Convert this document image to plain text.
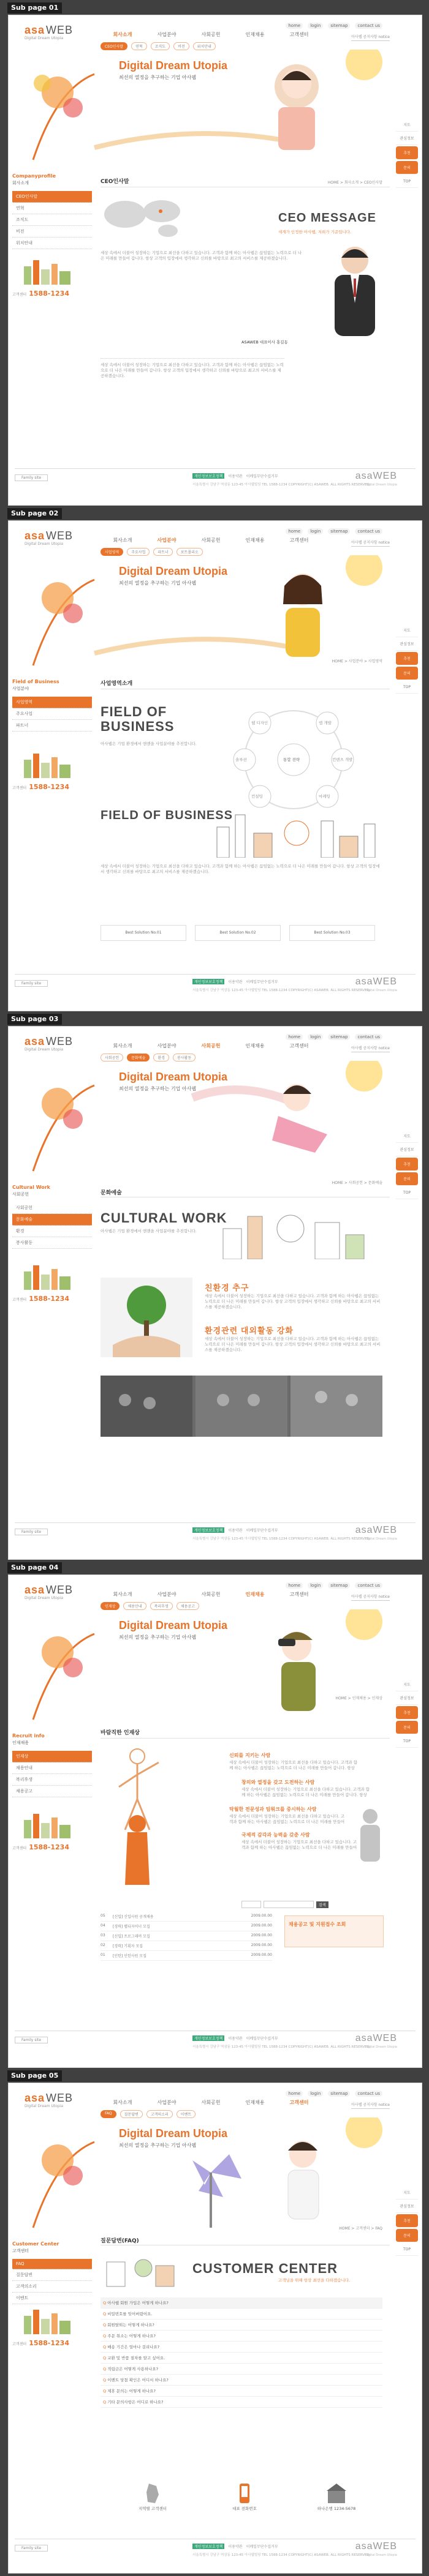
Sub page 01
Sub page 02
Sub page 03
Sub page 04
Sub page 05
asa WEB
Digital Dream Utopia
home	login	sitemap	contact us
아사웹 공지사항 notice
회사소개	사업분야	사회공헌	인재채용	고객센터
CEO인사말	연혁	조직도	비전	위치안내
Digital Dream Utopia
최선의 열정을 추구하는 기업 아사웹
Companyprofile
회사소개
CEO인사말
연혁
조직도
비전
위치안내
고객센터 1588-1234
지도
관심정보
추천
문의
TOP
CEO인사말	HOME > 회사소개 > CEO인사말
CEO MESSAGE
세계가 인정한 아사웹, 저희가 기준입니다.
세상 속에서 더불어 성장하는 기업으로 최선을 다하고 있습니다. 고객과 함께 하는 아사웹은 끊임없는 노력으로 더 나은 미래를 만들어 갑니다. 항상 고객의 입장에서 생각하고 신뢰를 바탕으로 최고의 서비스를 제공하겠습니다.
ASAWEB 대표이사 홍길동
세상 속에서 더불어 성장하는 기업으로 최선을 다하고 있습니다. 고객과 함께 하는 아사웹은 끊임없는 노력으로 더 나은 미래를 만들어 갑니다. 항상 고객의 입장에서 생각하고 신뢰를 바탕으로 최고의 서비스를 제공하겠습니다.
Family site	개인정보보호정책	이용약관 이메일무단수집거부
서울특별시 강남구 역삼동 123-45 아사웹빌딩 TEL 1588-1234 COPYRIGHT(C) ASAWEB. ALL RIGHTS RESERVED.
asaWEB
Digital Dream Utopia
asa WEB
Digital Dream Utopia
home	login	sitemap	contact us
아사웹 공지사항 notice
회사소개	사업분야	사회공헌	인재채용	고객센터
사업영역	주요사업	파트너	포트폴리오
Digital Dream Utopia
최선의 열정을 추구하는 기업 아사웹
Field of Business
사업분야
사업영역
주요사업
파트너
고객센터 1588-1234
지도
관심정보
추천
문의
TOP
사업영역소개
HOME > 사업분야 > 사업영역
FIELD OF BUSINESS
아사웹은 기업 환경에서 앤젠을 사업분야를 추진합니다.
통합 전략
웹 디자인	앱 개발
컨텐츠 개발
마케팅
컨설팅
솔루션
FIELD OF BUSINESS
세상 속에서 더불어 성장하는 기업으로 최선을 다하고 있습니다. 고객과 함께 하는 아사웹은 끊임없는 노력으로 더 나은 미래를 만들어 갑니다. 항상 고객의 입장에서 생각하고 신뢰를 바탕으로 최고의 서비스를 제공하겠습니다.
Best Solution No.01	Best Solution No.02	Best Solution No.03
Family site	개인정보보호정책	이용약관 이메일무단수집거부
서울특별시 강남구 역삼동 123-45 아사웹빌딩 TEL 1588-1234 COPYRIGHT(C) ASAWEB. ALL RIGHTS RESERVED.
asaWEB
Digital Dream Utopia
asa WEB
Digital Dream Utopia
home	login	sitemap	contact us
아사웹 공지사항 notice
회사소개	사업분야	사회공헌	인재채용	고객센터
사회공헌	문화예술	환경	봉사활동
Digital Dream Utopia
최선의 열정을 추구하는 기업 아사웹
Cultural Work
사회공헌
사회공헌
문화예술
환경
봉사활동
고객센터 1588-1234
지도
관심정보
추천
문의
TOP
문화예술
HOME > 사회공헌 > 문화예술
CULTURAL WORK
아사웹은 기업 환경에서 앤젠을 사업분야를 추진합니다.
친환경 추구
세상 속에서 더불어 성장하는 기업으로 최선을 다하고 있습니다. 고객과 함께 하는 아사웹은 끊임없는 노력으로 더 나은 미래를 만들어 갑니다. 항상 고객의 입장에서 생각하고 신뢰를 바탕으로 최고의 서비스를 제공하겠습니다.
환경관련 대외활동 강화
세상 속에서 더불어 성장하는 기업으로 최선을 다하고 있습니다. 고객과 함께 하는 아사웹은 끊임없는 노력으로 더 나은 미래를 만들어 갑니다. 항상 고객의 입장에서 생각하고 신뢰를 바탕으로 최고의 서비스를 제공하겠습니다.
Family site	개인정보보호정책	이용약관 이메일무단수집거부
서울특별시 강남구 역삼동 123-45 아사웹빌딩 TEL 1588-1234 COPYRIGHT(C) ASAWEB. ALL RIGHTS RESERVED.
asaWEB
Digital Dream Utopia
asa WEB
Digital Dream Utopia
home	login	sitemap	contact us
아사웹 공지사항 notice
회사소개	사업분야	사회공헌	인재채용	고객센터
인재상	채용안내	복리후생	채용공고
Digital Dream Utopia
최선의 열정을 추구하는 기업 아사웹
Recruit info
인재채용
인재상
채용안내
복리후생
채용공고
고객센터 1588-1234
지도
관심정보
추천
문의
TOP
바람직한 인재상
HOME > 인재채용 > 인재상
신뢰를 지키는 사람
세상 속에서 더불어 성장하는 기업으로 최선을 다하고 있습니다. 고객과 함께 하는 아사웹은 끊임없는 노력으로 더 나은 미래를 만들어 갑니다. 항상
창의와 열정을 갖고 도전하는 사람
세상 속에서 더불어 성장하는 기업으로 최선을 다하고 있습니다. 고객과 함께 하는 아사웹은 끊임없는 노력으로 더 나은 미래를 만들어 갑니다. 항상
탁월한 전문성과 팀워크를 중시하는 사람
세상 속에서 더불어 성장하는 기업으로 최선을 다하고 있습니다. 고객과 함께 하는 아사웹은 끊임없는 노력으로 더 나은 미래를 만들어
국제적 감각과 능력을 갖춘 사람
세상 속에서 더불어 성장하는 기업으로 최선을 다하고 있습니다. 고객과 함께 하는 아사웹은 끊임없는 노력으로 더 나은 미래를 만들어
검색
05	[신입] 신입사원 공개채용	2009.00.00
04	[경력] 웹디자이너 모집	2009.00.00
03	[신입] 프로그래머 모집	2009.00.00
02	[경력] 기획자 모집	2009.00.00
01	[인턴] 인턴사원 모집	2009.00.00
채용공고 및 지원접수 조회
Family site	개인정보보호정책	이용약관 이메일무단수집거부
서울특별시 강남구 역삼동 123-45 아사웹빌딩 TEL 1588-1234 COPYRIGHT(C) ASAWEB. ALL RIGHTS RESERVED.
asaWEB
Digital Dream Utopia
asa WEB
Digital Dream Utopia
home	login	sitemap	contact us
아사웹 공지사항 notice
회사소개	사업분야	사회공헌	인재채용	고객센터
FAQ	질문답변	고객의소리	이벤트
Digital Dream Utopia
최선의 열정을 추구하는 기업 아사웹
Customer Center
고객센터
FAQ
질문답변
고객의소리
이벤트
고객센터 1588-1234
지도
관심정보
추천
문의
TOP
질문답변(FAQ)
HOME > 고객센터 > FAQ
CUSTOMER CENTER
고객님을 위해 항상 최선을 다하겠습니다.
Q 아사웹 회원 가입은 어떻게 하나요?
Q 비밀번호를 잊어버렸어요.
Q 회원탈퇴는 어떻게 하나요?
Q 주문 취소는 어떻게 하나요?
Q 배송 기간은 얼마나 걸리나요?
Q 교환 및 반품 절차를 알고 싶어요.
Q 적립금은 어떻게 사용하나요?
Q 이벤트 당첨 확인은 어디서 하나요?
Q 제휴 문의는 어떻게 하나요?
Q 기타 문의사항은 어디로 하나요?
지역별 고객센터	대표 전화번호	하나은행 1234-5678
Family site	개인정보보호정책	이용약관 이메일무단수집거부
서울특별시 강남구 역삼동 123-45 아사웹빌딩 TEL 1588-1234 COPYRIGHT(C) ASAWEB. ALL RIGHTS RESERVED.
asaWEB
Digital Dream Utopia
